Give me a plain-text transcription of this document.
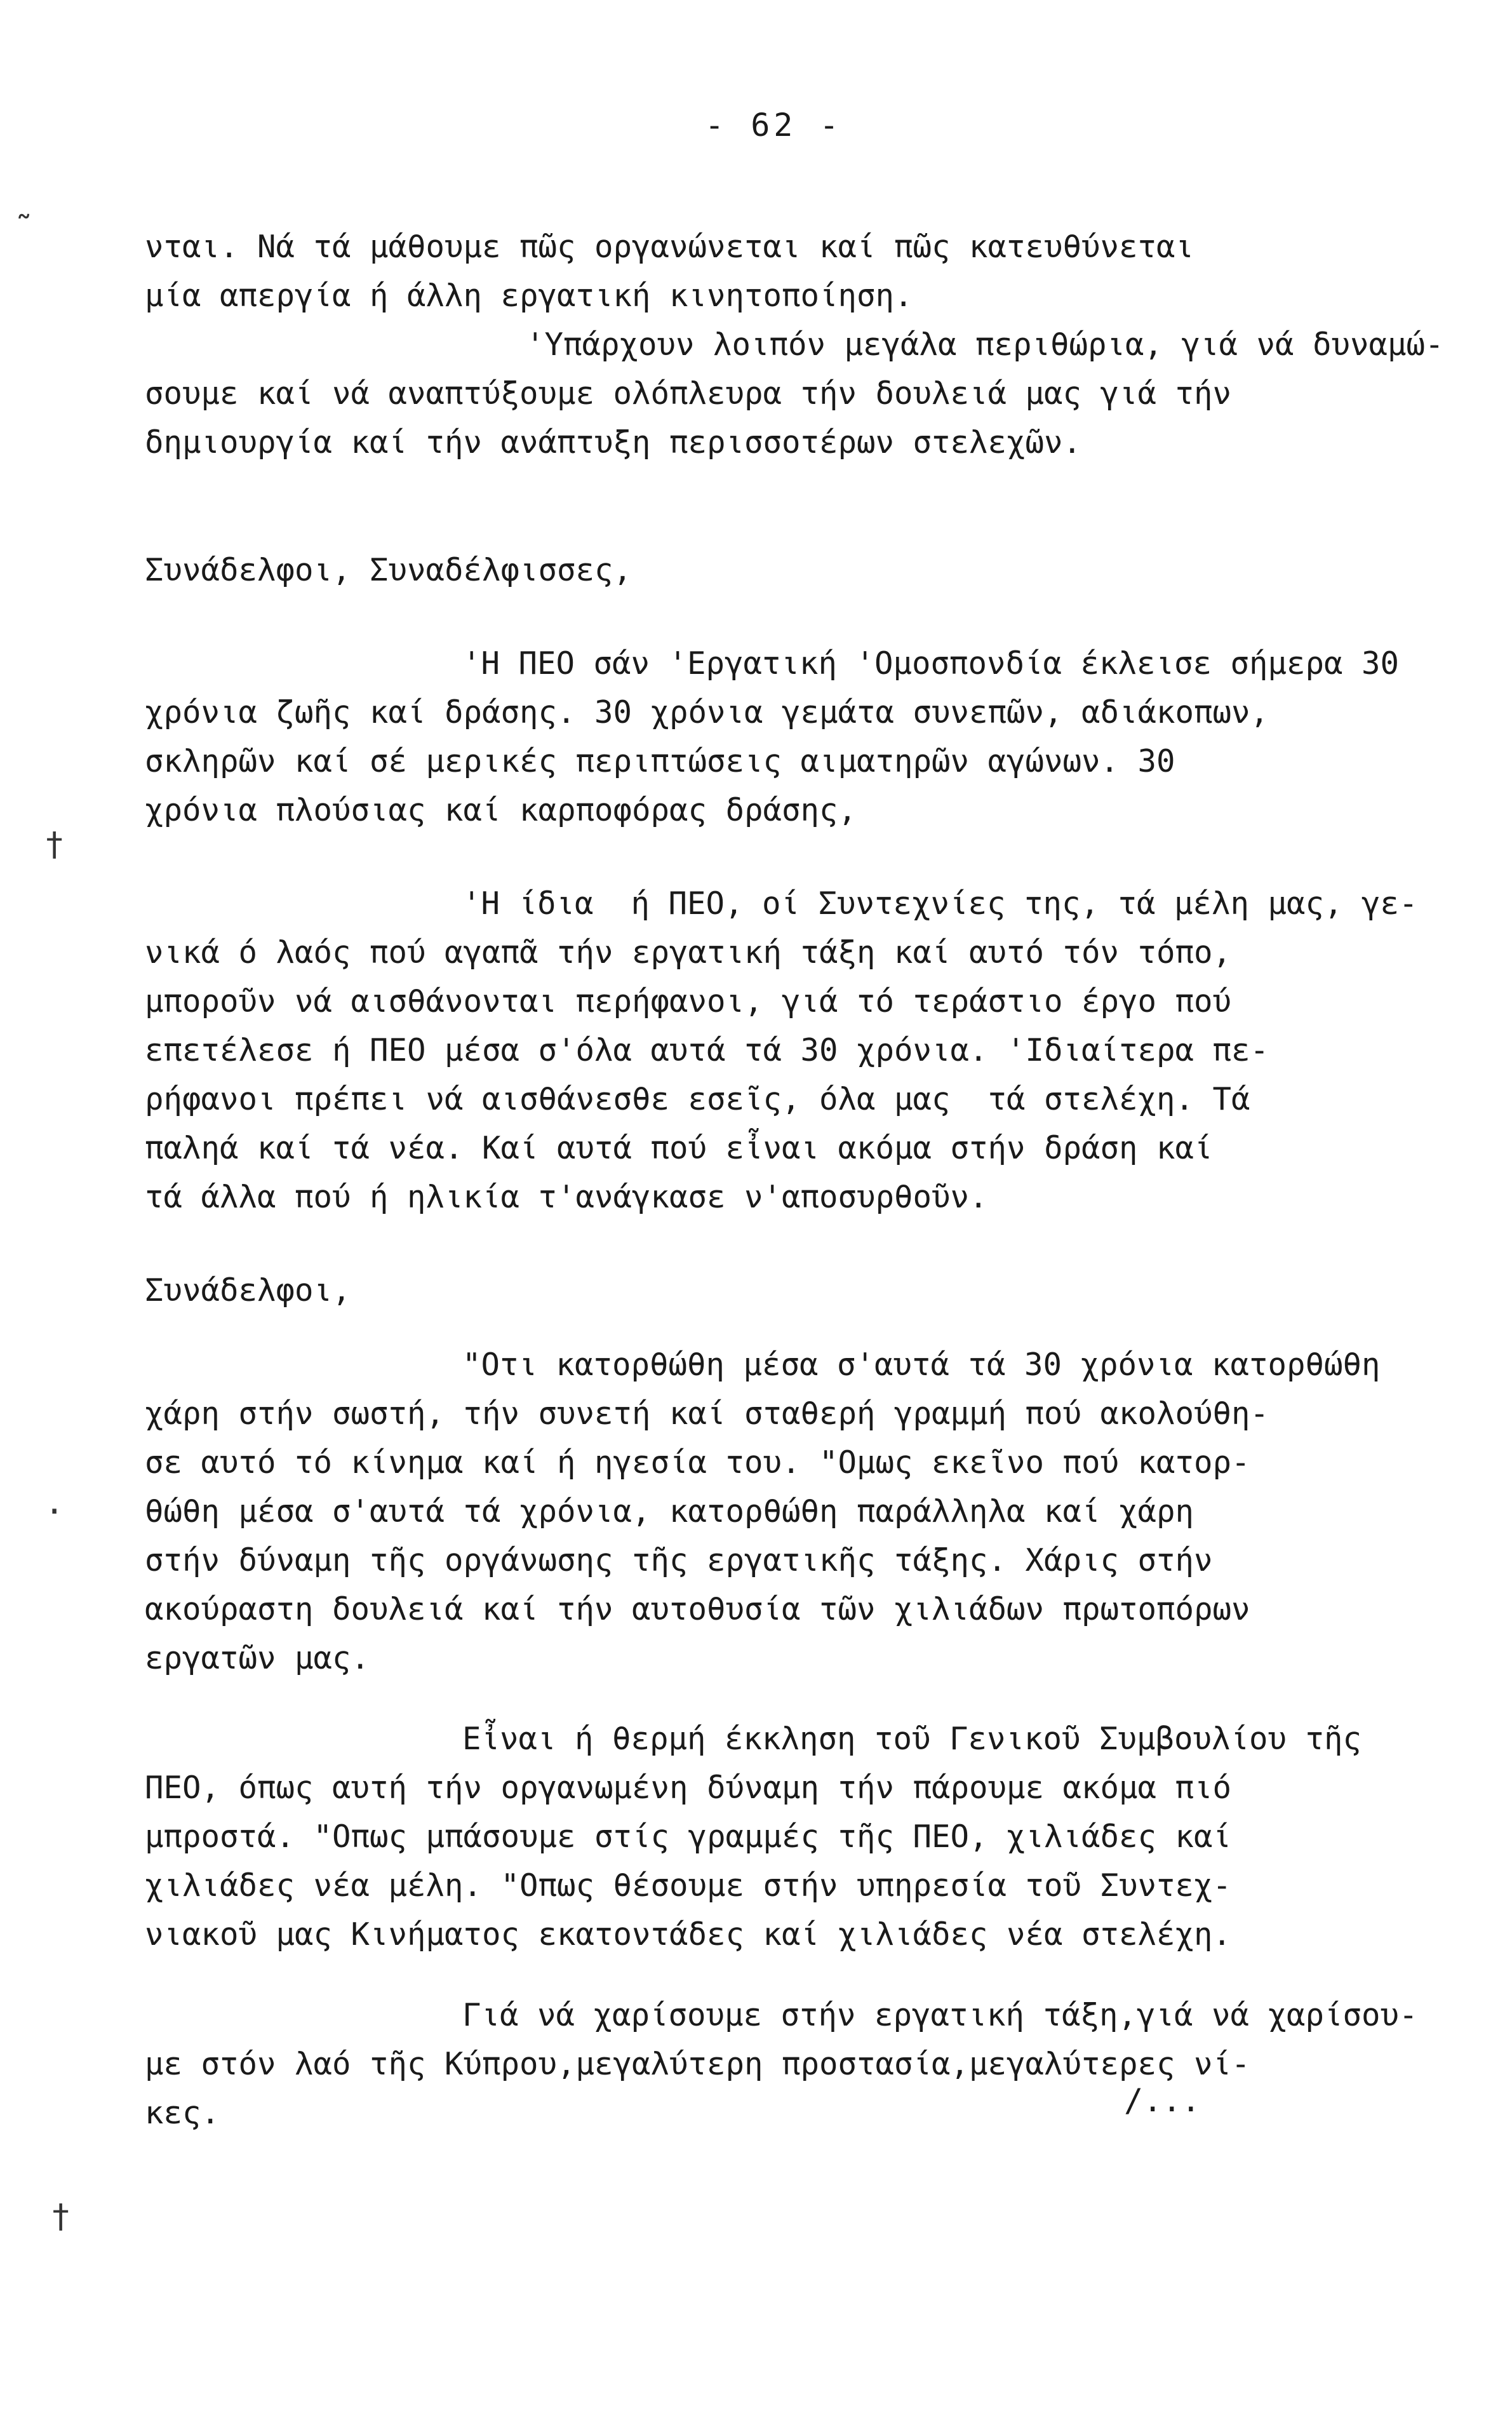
- 62 -
˜
†
·
†
νται. Νά τά μάθουμε πῶς οργανώνεται καί πῶς κατευθύνεται
μία απεργία ή άλλη εργατική κινητοποίηση.
'Υπάρχουν λοιπόν μεγάλα περιθώρια, γιά νά δυναμώ-
σουμε καί νά αναπτύξουμε ολόπλευρα τήν δουλειά μας γιά τήν
δημιουργία καί τήν ανάπτυξη περισσοτέρων στελεχῶν.
Συνάδελφοι, Συναδέλφισσες,
'Η ΠΕΟ σάν 'Εργατική 'Ομοσπονδία έκλεισε σήμερα 30
χρόνια ζωῆς καί δράσης. 30 χρόνια γεμάτα συνεπῶν, αδιάκοπων,
σκληρῶν καί σέ μερικές περιπτώσεις αιματηρῶν αγώνων. 30
χρόνια πλούσιας καί καρποφόρας δράσης,
'Η ίδια  ή ΠΕΟ, οί Συντεχνίες της, τά μέλη μας, γε-
νικά ό λαός πού αγαπᾶ τήν εργατική τάξη καί αυτό τόν τόπο,
μποροῦν νά αισθάνονται περήφανοι, γιά τό τεράστιο έργο πού
επετέλεσε ή ΠΕΟ μέσα σ'όλα αυτά τά 30 χρόνια. 'Ιδιαίτερα πε-
ρήφανοι πρέπει νά αισθάνεσθε εσεῖς, όλα μας  τά στελέχη. Τά
παληά καί τά νέα. Καί αυτά πού εἶναι ακόμα στήν δράση καί
τά άλλα πού ή ηλικία τ'ανάγκασε ν'αποσυρθοῦν.
Συνάδελφοι,
"Οτι κατορθώθη μέσα σ'αυτά τά 30 χρόνια κατορθώθη
χάρη στήν σωστή, τήν συνετή καί σταθερή γραμμή πού ακολούθη-
σε αυτό τό κίνημα καί ή ηγεσία του. "Ομως εκεῖνο πού κατορ-
θώθη μέσα σ'αυτά τά χρόνια, κατορθώθη παράλληλα καί χάρη
στήν δύναμη τῆς οργάνωσης τῆς εργατικῆς τάξης. Χάρις στήν
ακούραστη δουλειά καί τήν αυτοθυσία τῶν χιλιάδων πρωτοπόρων
εργατῶν μας.
Εἶναι ή θερμή έκκληση τοῦ Γενικοῦ Συμβουλίου τῆς
ΠΕΟ, όπως αυτή τήν οργανωμένη δύναμη τήν πάρουμε ακόμα πιό
μπροστά. "Οπως μπάσουμε στίς γραμμές τῆς ΠΕΟ, χιλιάδες καί
χιλιάδες νέα μέλη. "Οπως θέσουμε στήν υπηρεσία τοῦ Συντεχ-
νιακοῦ μας Κινήματος εκατοντάδες καί χιλιάδες νέα στελέχη.
Γιά νά χαρίσουμε στήν εργατική τάξη,γιά νά χαρίσου-
με στόν λαό τῆς Κύπρου,μεγαλύτερη προστασία,μεγαλύτερες νί-
κες.	/...
